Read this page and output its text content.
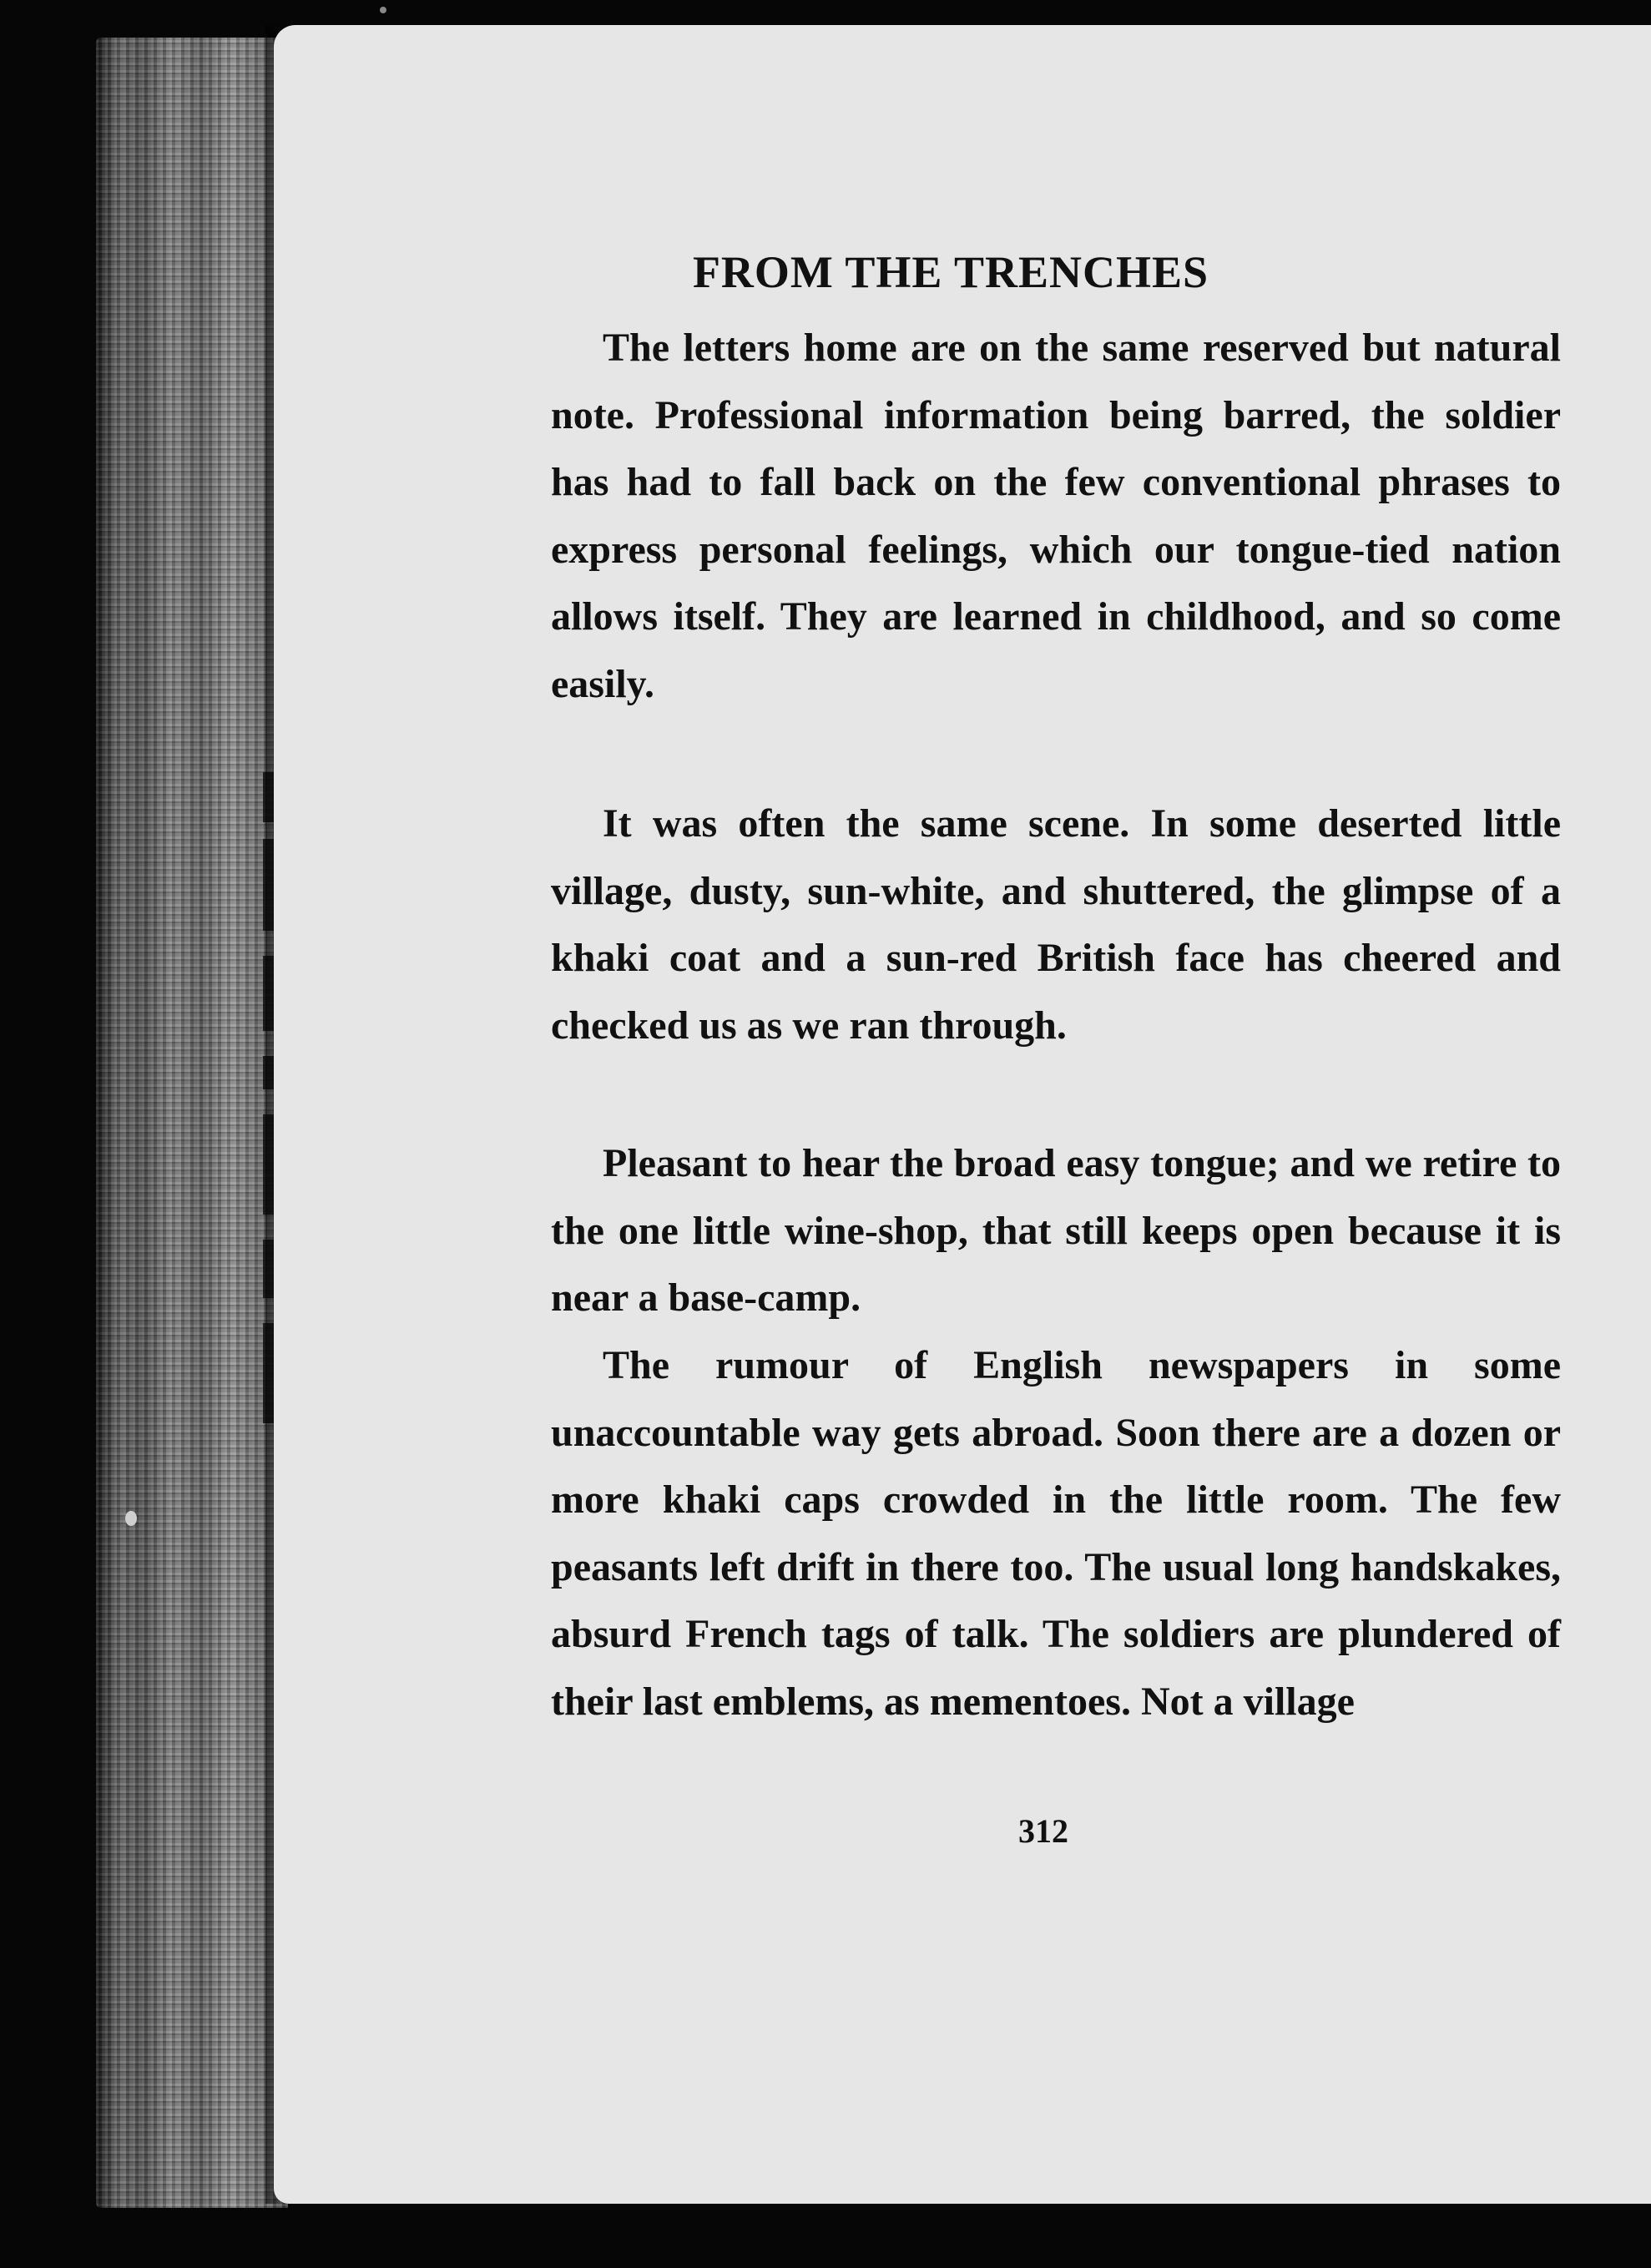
FROM THE TRENCHES

The letters home are on the same reserved but natural note. Professional information being barred, the soldier has had to fall back on the few conventional phrases to express personal feelings, which our tongue-tied nation allows itself. They are learned in childhood, and so come easily.

It was often the same scene. In some deserted little village, dusty, sun-white, and shuttered, the glimpse of a khaki coat and a sun-red British face has cheered and checked us as we ran through.

Pleasant to hear the broad easy tongue; and we retire to the one little wine-shop, that still keeps open because it is near a base-camp.

The rumour of English newspapers in some unaccountable way gets abroad. Soon there are a dozen or more khaki caps crowded in the little room. The few peasants left drift in there too. The usual long handskakes, absurd French tags of talk. The soldiers are plundered of their last emblems, as mementoes. Not a village

312
